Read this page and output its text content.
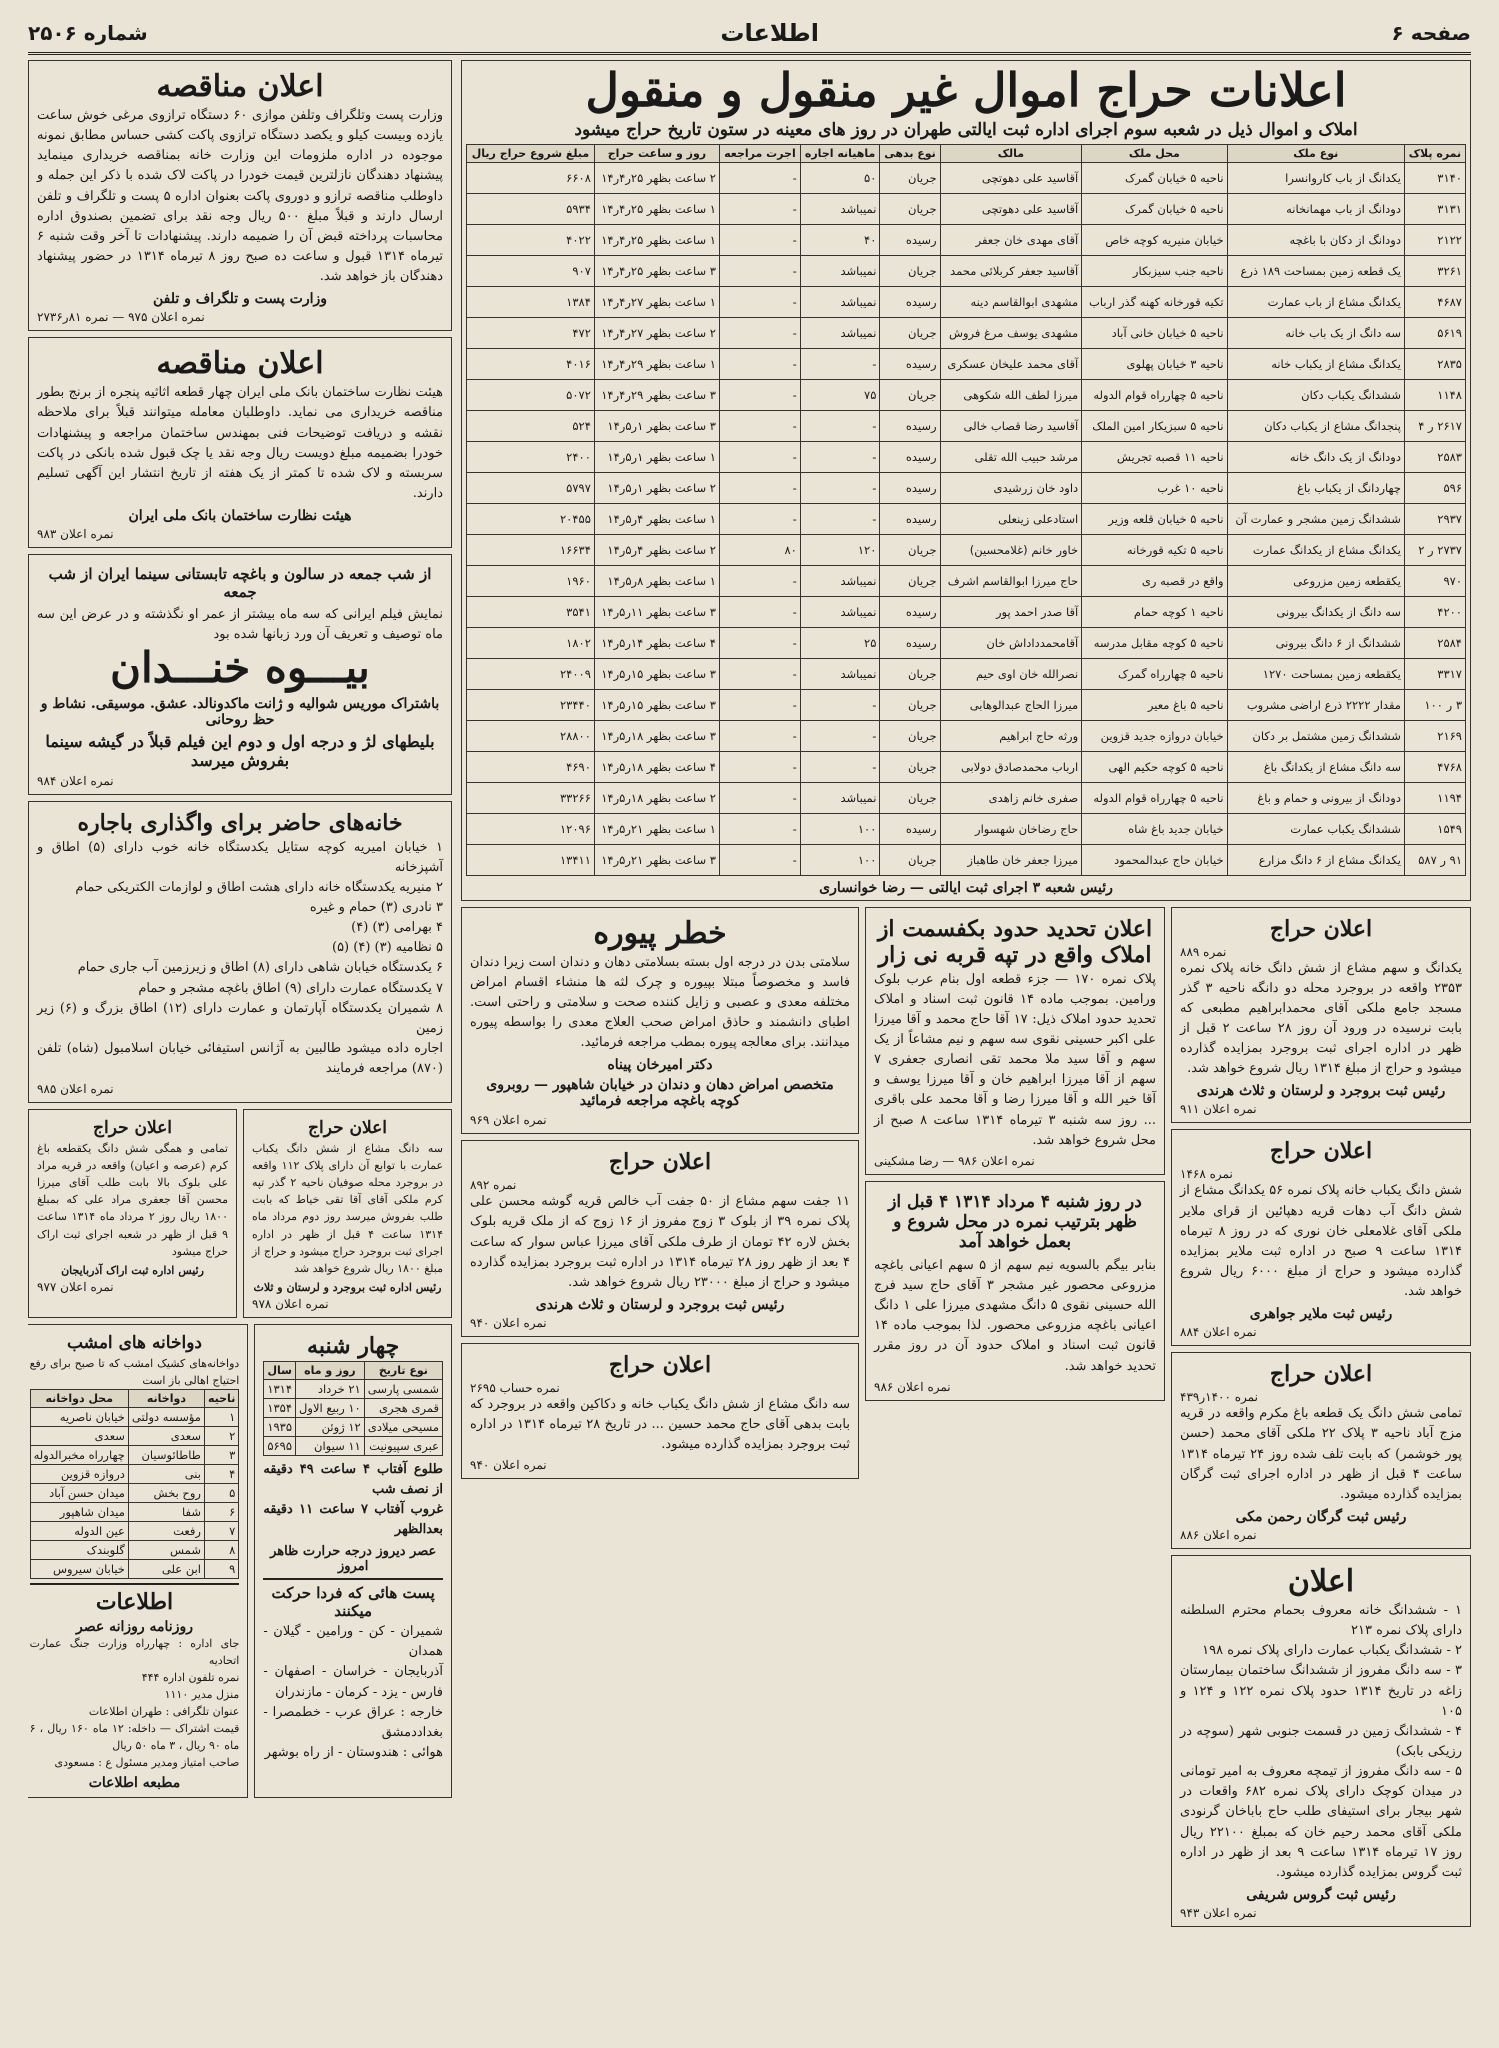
صفحه ۶
اطلاعات
شماره ۲۵۰۶
اعلانات حراج اموال غیر منقول و منقول
املاک و اموال ذیل در شعبه سوم اجرای اداره ثبت ایالتی طهران در روز های معینه در ستون تاریخ حراج میشود
نمره پلاک	نوع ملک	محل ملک	مالک	نوع بدهی	ماهیانه اجاره	اجرت مراجعه	روز و ساعت حراج	مبلغ شروع حراج ریال
۳۱۴۰	یکدانگ از باب کاروانسرا	ناحیه ۵ خیابان گمرک	آقاسید علی دهوتچی	جریان	۵۰	-	۲ ساعت بظهر ۲۵ر۴ر۱۴	۶۶۰۸
۳۱۳۱	دودانگ از باب مهمانخانه	ناحیه ۵ خیابان گمرک	آقاسید علی دهوتچی	جریان	نمیباشد	-	۱ ساعت بظهر ۲۵ر۴ر۱۴	۵۹۳۴
۲۱۲۲	دودانگ از دکان با باغچه	خیابان منیریه کوچه خاص	آقای مهدی خان جعفر	رسیده	۴۰	-	۱ ساعت بظهر ۲۵ر۴ر۱۴	۴۰۲۲
۳۲۶۱	یک قطعه زمین بمساحت ۱۸۹ ذرع	ناحیه جنب سیزبکار	آقاسید جعفر کربلائی محمد	جریان	نمیباشد	-	۳ ساعت بظهر ۲۵ر۴ر۱۴	۹۰۷
۴۶۸۷	یکدانگ مشاع از باب عمارت	تکیه قورخانه کهنه گذر ارباب	مشهدی ابوالقاسم دینه	رسیده	نمیباشد	-	۱ ساعت بظهر ۲۷ر۴ر۱۴	۱۳۸۴
۵۶۱۹	سه دانگ از یک باب خانه	ناحیه ۵ خیابان خانی آباد	مشهدی یوسف مرغ فروش	جریان	نمیباشد	-	۲ ساعت بظهر ۲۷ر۴ر۱۴	۴۷۲
۲۸۳۵	یکدانگ مشاع از یکباب خانه	ناحیه ۳ خیابان پهلوی	آقای محمد علیخان عسکری	رسیده	-	-	۱ ساعت بظهر ۲۹ر۴ر۱۴	۴۰۱۶
۱۱۴۸	ششدانگ یکباب دکان	ناحیه ۵ چهارراه قوام الدوله	میرزا لطف الله شکوهی	جریان	۷۵	-	۳ ساعت بظهر ۲۹ر۴ر۱۴	۵۰۷۲
۲۶۱۷ ر ۴	پنجدانگ مشاع از یکباب دکان	ناحیه ۵ سبزیکار امین الملک	آقاسید رضا قصاب خالی	رسیده	-	-	۳ ساعت بظهر ۱ر۵ر۱۴	۵۲۴
۲۵۸۳	دودانگ از یک دانگ خانه	ناحیه ۱۱ قصبه تجریش	مرشد حبیب الله تقلی	رسیده	-	-	۱ ساعت بظهر ۱ر۵ر۱۴	۲۴۰۰
۵۹۶	چهاردانگ از یکباب باغ	ناحیه ۱۰ غرب	داود خان زرشیدی	رسیده	-	-	۲ ساعت بظهر ۱ر۵ر۱۴	۵۷۹۷
۲۹۳۷	ششدانگ زمین مشجر و عمارت آن	ناحیه ۵ خیابان قلعه وزیر	استادعلی زینعلی	رسیده	-	-	۱ ساعت بظهر ۴ر۵ر۱۴	۲۰۴۵۵
۲۷۳۷ ر ۲	یکدانگ مشاع از یکدانگ عمارت	ناحیه ۵ تکیه قورخانه	خاور خانم (غلامحسین)	جریان	۱۲۰	۸۰	۲ ساعت بظهر ۴ر۵ر۱۴	۱۶۶۳۴
۹۷۰	یکقطعه زمین مزروعی	واقع در قصبه ری	حاج میرزا ابوالقاسم اشرف	جریان	نمیباشد	-	۱ ساعت بظهر ۸ر۵ر۱۴	۱۹۶۰
۴۲۰۰	سه دانگ از یکدانگ بیرونی	ناحیه ۱ کوچه حمام	آقا صدر احمد پور	رسیده	نمیباشد	-	۳ ساعت بظهر ۱۱ر۵ر۱۴	۳۵۴۱
۲۵۸۴	ششدانگ از ۶ دانگ بیرونی	ناحیه ۵ کوچه مقابل مدرسه	آقامحمدداداش خان	رسیده	۲۵	-	۴ ساعت بظهر ۱۴ر۵ر۱۴	۱۸۰۲
۳۳۱۷	یکقطعه زمین بمساحت ۱۲۷۰	ناحیه ۵ چهارراه گمرک	نصرالله خان اوی حیم	جریان	نمیباشد	-	۳ ساعت بظهر ۱۵ر۵ر۱۴	۲۴۰۰۹
۳ ر ۱۰۰	مقدار ۲۲۲۲ ذرع اراضی مشروب	ناحیه ۵ باغ معیر	میرزا الحاج عبدالوهابی	جریان	-	-	۳ ساعت بظهر ۱۵ر۵ر۱۴	۲۳۴۴۰
۲۱۶۹	ششدانگ زمین مشتمل بر دکان	خیابان دروازه جدید قزوین	ورثه حاج ابراهیم	جریان	-	-	۳ ساعت بظهر ۱۸ر۵ر۱۴	۲۸۸۰۰
۴۷۶۸	سه دانگ مشاع از یکدانگ باغ	ناحیه ۵ کوچه حکیم الهی	ارباب محمدصادق دولابی	جریان	-	-	۴ ساعت بظهر ۱۸ر۵ر۱۴	۴۶۹۰
۱۱۹۴	دودانگ از بیرونی و حمام و باغ	ناحیه ۵ چهارراه قوام الدوله	صفری خانم زاهدی	جریان	نمیباشد	-	۲ ساعت بظهر ۱۸ر۵ر۱۴	۳۳۲۶۶
۱۵۴۹	ششدانگ یکباب عمارت	خیابان جدید باغ شاه	حاج رضاخان شهسوار	رسیده	۱۰۰	-	۱ ساعت بظهر ۲۱ر۵ر۱۴	۱۲۰۹۶
۹۱ ر ۵۸۷	یکدانگ مشاع از ۶ دانگ مزارع	خیابان حاج عبدالمحمود	میرزا جعفر خان طاهباز	جریان	۱۰۰	-	۳ ساعت بظهر ۲۱ر۵ر۱۴	۱۳۴۱۱
رئیس شعبه ۳ اجرای ثبت ایالتی — رضا خوانساری
اعلان حراج
نمره ۸۸۹

یکدانگ و سهم مشاع از شش دانگ خانه پلاک نمره ۲۳۵۳ واقعه در بروجرد محله دو دانگه ناحیه ۳ گذر مسجد جامع ملکی آقای محمدابراهیم مطبعی که بابت نرسیده در ورود آن روز ۲۸ ساعت ۲ قبل از ظهر در اداره اجرای ثبت بروجرد بمزایده گذارده میشود و حراج از مبلغ ۱۳۱۴ ریال شروع خواهد شد.

رئیس ثبت بروجرد و لرستان و ثلاث هرندی
نمره اعلان ۹۱۱
اعلان حراج
نمره ۱۴۶۸

شش دانگ یکباب خانه پلاک نمره ۵۶ یکدانگ مشاع از شش دانگ آب دهات قریه دهپائین از قرای ملایر ملکی آقای غلامعلی خان نوری که در روز ۸ تیرماه ۱۳۱۴ ساعت ۹ صبح در اداره ثبت ملایر بمزایده گذارده میشود و حراج از مبلغ ۶۰۰۰ ریال شروع خواهد شد.

رئیس ثبت ملایر جواهری
نمره اعلان ۸۸۴
اعلان حراج
نمره ۱۴۰۰ر۴۳۹

تمامی شش دانگ یک قطعه باغ مکرم واقعه در قریه مزج آباد ناحیه ۳ پلاک ۲۲ ملکی آقای محمد (حسن پور خوشمر) که بابت تلف شده روز ۲۴ تیرماه ۱۳۱۴ ساعت ۴ قبل از ظهر در اداره اجرای ثبت گرگان بمزایده گذارده میشود.

رئیس ثبت گرگان رحمن مکی
نمره اعلان ۸۸۶
اعلان
۱ - ششدانگ خانه معروف بحمام محترم السلطنه دارای پلاک نمره ۲۱۳
۲ - ششدانگ یکباب عمارت دارای پلاک نمره ۱۹۸
۳ - سه دانگ مفروز از ششدانگ ساختمان بیمارستان زاغه در تاریخ ۱۳۱۴ حدود پلاک نمره ۱۲۲ و ۱۲۴ و ۱۰۵
۴ - ششدانگ زمین در قسمت جنوبی شهر (سوچه در رزیکی بابک)
۵ - سه دانگ مفروز از تیمچه معروف به امیر تومانی در میدان کوچک دارای پلاک نمره ۶۸۲ واقعات در شهر بیجار برای استیفای طلب حاج باباخان گرنودی ملکی آقای محمد رحیم خان که بمبلغ ۲۲۱۰۰ ریال روز ۱۷ تیرماه ۱۳۱۴ ساعت ۹ بعد از ظهر در اداره ثبت گروس بمزایده گذارده میشود.
رئیس ثبت گروس شریفی
نمره اعلان ۹۴۳
اعلان تحدید حدود بکفسمت از املاک واقع در تپه قربه نی زار

پلاک نمره ۱۷۰ — جزء قطعه اول بنام عرب بلوک ورامین. بموجب ماده ۱۴ قانون ثبت اسناد و املاک تحدید حدود املاک ذیل: ۱۷ آقا حاج محمد و آقا میرزا علی اکبر حسینی نقوی سه سهم و نیم مشاعاً از یک سهم و آقا سید ملا محمد تقی انصاری جعفری ۷ سهم از آقا میرزا ابراهیم خان و آقا میرزا یوسف و آقا خیر الله و آقا میرزا رضا و آقا محمد علی باقری ... روز سه شنبه ۳ تیرماه ۱۳۱۴ ساعت ۸ صبح از محل شروع خواهد شد.

نمره اعلان ۹۸۶ — رضا مشکینی
در روز شنبه ۴ مرداد ۱۳۱۴ ۴ قبل از ظهر بترتیب نمره در محل شروع و بعمل خواهد آمد

بنابر بیگم بالسویه نیم سهم از ۵ سهم اعیانی باغچه مزروعی محصور غیر مشجر ۳ آقای حاج سید فرج الله حسینی نقوی ۵ دانگ مشهدی میرزا علی ۱ دانگ اعیانی باغچه مزروعی محصور. لذا بموجب ماده ۱۴ قانون ثبت اسناد و املاک حدود آن در روز مقرر تحدید خواهد شد.

نمره اعلان ۹۸۶
خطر پیوره

سلامتی بدن در درجه اول بسته بسلامتی دهان و دندان است زیرا دندان فاسد و مخصوصاً مبتلا بپیوره و چرک لثه ها منشاء اقسام امراض مختلفه معدی و عصبی و زایل کننده صحت و سلامتی و راحتی است. اطبای دانشمند و حاذق امراض صحب العلاج معدی را بواسطه پیوره میدانند. برای معالجه پیوره بمطب مراجعه فرمائید.

دکتر امیرخان پیناه
متخصص امراض دهان و دندان در خیابان شاهپور — روبروی کوچه باغچه مراجعه فرمائید
نمره اعلان ۹۶۹
اعلان حراج
نمره ۸۹۲

۱۱ جفت سهم مشاع از ۵۰ جفت آب خالص قریه گوشه محسن علی پلاک نمره ۳۹ از بلوک ۳ زوج مفروز از ۱۶ زوج که از ملک قریه بلوک بخش لاره ۴۲ تومان از طرف ملکی آقای میرزا عباس سوار که ساعت ۴ بعد از ظهر روز ۲۸ تیرماه ۱۳۱۴ در اداره ثبت بروجرد بمزایده گذارده میشود و حراج از مبلغ ۲۳۰۰۰ ریال شروع خواهد شد.

رئیس ثبت بروجرد و لرستان و ثلاث هرندی
نمره اعلان ۹۴۰
اعلان حراج
نمره حساب ۲۶۹۵

سه دانگ مشاع از شش دانگ یکباب خانه و دکاکین واقعه در بروجرد که بابت بدهی آقای حاج محمد حسین ... در تاریخ ۲۸ تیرماه ۱۳۱۴ در اداره ثبت بروجرد بمزایده گذارده میشود.

نمره اعلان ۹۴۰
اعلان مناقصه

وزارت پست وتلگراف وتلفن موازی ۶۰ دستگاه ترازوی مرغی خوش ساعت یازده وبیست کیلو و یکصد دستگاه ترازوی پاکت کشی حساس مطابق نمونه موجوده در اداره ملزومات این وزارت خانه بمناقصه خریداری مینماید پیشنهاد دهندگان نازلترین قیمت خودرا در پاکت لاک شده با ذکر این جمله و داوطلب مناقصه ترازو و دوروی پاکت بعنوان اداره ۵ پست و تلگراف و تلفن ارسال دارند و قبلاً مبلغ ۵۰۰ ریال وجه نقد برای تضمین بصندوق اداره محاسبات پرداخته قبض آن را ضمیمه دارند. پیشنهادات تا آخر وقت شنبه ۶ تیرماه ۱۳۱۴ قبول و ساعت ده صبح روز ۸ تیرماه ۱۳۱۴ در حضور پیشنهاد دهندگان باز خواهد شد.

وزارت پست و تلگراف و تلفن
نمره اعلان ۹۷۵ — نمره ۸۱ر۲۷۳۶
اعلان مناقصه

هیئت نظارت ساختمان بانک ملی ایران چهار قطعه اثاثیه پنجره از برنج بطور مناقصه خریداری می نماید. داوطلبان معامله میتوانند قبلاً برای ملاحظه نقشه و دریافت توضیحات فنی بمهندس ساختمان مراجعه و پیشنهادات خودرا بضمیمه مبلغ دویست ریال وجه نقد یا چک قبول شده بانکی در پاکت سربسته و لاک شده تا کمتر از یک هفته از تاریخ انتشار این آگهی تسلیم دارند.

هیئت نظارت ساختمان بانک ملی ایران
نمره اعلان ۹۸۳
از شب جمعه در سالون و باغچه تابستانی سینما ایران از شب جمعه

نمایش فیلم ایرانی که سه ماه بیشتر از عمر او نگذشته و در عرض این سه ماه توصیف و تعریف آن ورد زبانها شده بود

بیـــوه خنـــدان
باشتراک موریس شوالیه و ژانت ماکدونالد. عشق. موسیقی. نشاط و حظ روحانی
بلیطهای لژ و درجه اول و دوم این فیلم قبلاً در گیشه سینما بفروش میرسد
نمره اعلان ۹۸۴
خانه‌های حاضر برای واگذاری باجاره
۱ خیابان امیریه کوچه ستایل یکدستگاه خانه خوب دارای (۵) اطاق و آشپزخانه
۲ منیریه یکدستگاه خانه دارای هشت اطاق و لوازمات الکتریکی حمام
۳ نادری (۳) حمام و غیره
۴ بهرامی (۳) (۴)
۵ نظامیه (۳) (۴) (۵)
۶ یکدستگاه خیابان شاهی دارای (۸) اطاق و زیرزمین آب جاری حمام
۷ یکدستگاه عمارت دارای (۹) اطاق باغچه مشجر و حمام
۸ شمیران یکدستگاه آپارتمان و عمارت دارای (۱۲) اطاق بزرگ و (۶) زیر زمین

اجاره داده میشود طالبین به آژانس استیفائی خیابان اسلامبول (شاه) تلفن (۸۷۰) مراجعه فرمایند

نمره اعلان ۹۸۵
اعلان حراج

سه دانگ مشاع از شش دانگ یکباب عمارت با توابع آن دارای پلاک ۱۱۲ واقعه در بروجرد محله صوفیان ناحیه ۲ گذر تپه کرم ملکی آقای آقا تقی خیاط که بابت طلب بفروش میرسد روز دوم مرداد ماه ۱۳۱۴ ساعت ۴ قبل از ظهر در اداره اجرای ثبت بروجرد حراج میشود و حراج از مبلغ ۱۸۰۰ ریال شروع خواهد شد

رئیس اداره ثبت بروجرد و لرستان و ثلاث
نمره اعلان ۹۷۸
اعلان حراج

تمامی و همگی شش دانگ یکقطعه باغ کرم (عرصه و اعیان) واقعه در قریه مراد علی بلوک بالا بابت طلب آقای میرزا محسن آقا جعفری مراد علی که بمبلغ ۱۸۰۰ ریال روز ۲ مرداد ماه ۱۳۱۴ ساعت ۹ قبل از ظهر در شعبه اجرای ثبت اراک حراج میشود

رئیس اداره ثبت اراک آذربایجان
نمره اعلان ۹۷۷
چهار شنبه
نوع تاریخ	روز و ماه	سال
شمسی پارسی	۲۱ خرداد	۱۳۱۴
قمری هجری	۱۰ ربیع الاول	۱۳۵۴
مسیحی میلادی	۱۲ ژوئن	۱۹۳۵
عبری سپیونیت	۱۱ سیوان	۵۶۹۵
طلوع آفتاب ۴ ساعت ۴۹ دقیقه از نصف شب
غروب آفتاب ۷ ساعت ۱۱ دقیقه بعدالظهر
عصر دیروز درجه حرارت ظاهر امروز
پست هائی که فردا حرکت میکنند
شمیران - کن - ورامین - گیلان - همدان
آذربایجان - خراسان - اصفهان - فارس - یزد - کرمان - مازندران
خارجه : عراق عرب - خطمصرا - بغداددمشق
هوائی : هندوستان - از راه بوشهر
دواخانه های امشب

دواخانه‌های کشیک امشب که تا صبح برای رفع احتیاج اهالی باز است

ناحیه	دواخانه	محل دواخانه
۱	مؤسسه دولتی	خیابان ناصریه
۲	سعدی	سعدی
۳	طاطائوسیان	چهارراه مخبرالدوله
۴	بنی	دروازه قزوین
۵	روح بخش	میدان حسن آباد
۶	شفا	میدان شاهپور
۷	رفعت	عین الدوله
۸	شمس	گلوبندک
۹	ابن علی	خیابان سیروس
اطلاعات
روزنامه روزانه عصر
جای اداره : چهارراه وزارت جنگ عمارت اتحادیه
نمره تلفون اداره ۴۴۴
منزل مدیر ۱۱۱۰
عنوان تلگرافی : طهران اطلاعات
قیمت اشتراک — داخله: ۱۲ ماه ۱۶۰ ریال ، ۶ ماه ۹۰ ریال ، ۳ ماه ۵۰ ریال
صاحب امتیاز ومدیر مسئول ع : مسعودی
مطبعه اطلاعات
